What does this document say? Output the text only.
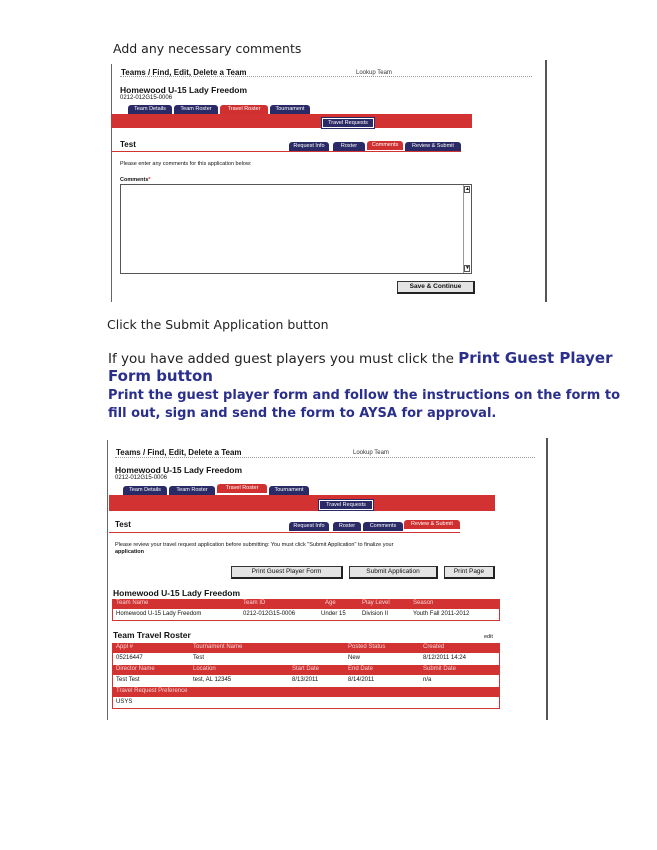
Add any necessary comments
Teams / Find, Edit, Delete a Team	Lookup Team
Homewood U-15 Lady Freedom
0212-012G15-0006
Team Details	Team Roster	Travel Roster	Tournament
Travel Requests
Test	Request Info	Roster	Comments	Review & Submit
Please enter any comments for this application below:
Comments*
▲
▼
Save & Continue
Click the Submit Application button
If you have added guest players you must click the Print Guest Player
Form button
Print the guest player form and follow the instructions on the form to
fill out, sign and send the form to AYSA for approval.
Teams / Find, Edit, Delete a Team	Lookup Team
Homewood U-15 Lady Freedom
0212-012G15-0006
Team Details	Team Roster	Travel Roster	Tournament
Travel Requests
Test	Request Info	Roster	Comments	Review & Submit
Please review your travel request application before submitting: You must click "Submit Application" to finalize your
application
Print Guest Player Form	Submit Application	Print Page
Homewood U-15 Lady Freedom
Team Name	Team ID	Age	Play Level	Season
Homewood U-15 Lady Freedom	0212-012G15-0006	Under 15	Division II	Youth Fall 2011-2012
Team Travel Roster	edit
Appl #	Tournament Name	Posted Status	Created
05216447	Test	New	8/12/2011 14:24
Director Name	Location	Start Date	End Date	Submit Date
Test Test	test, AL 12345	8/13/2011	8/14/2011	n/a
Travel Request Preference
USYS
